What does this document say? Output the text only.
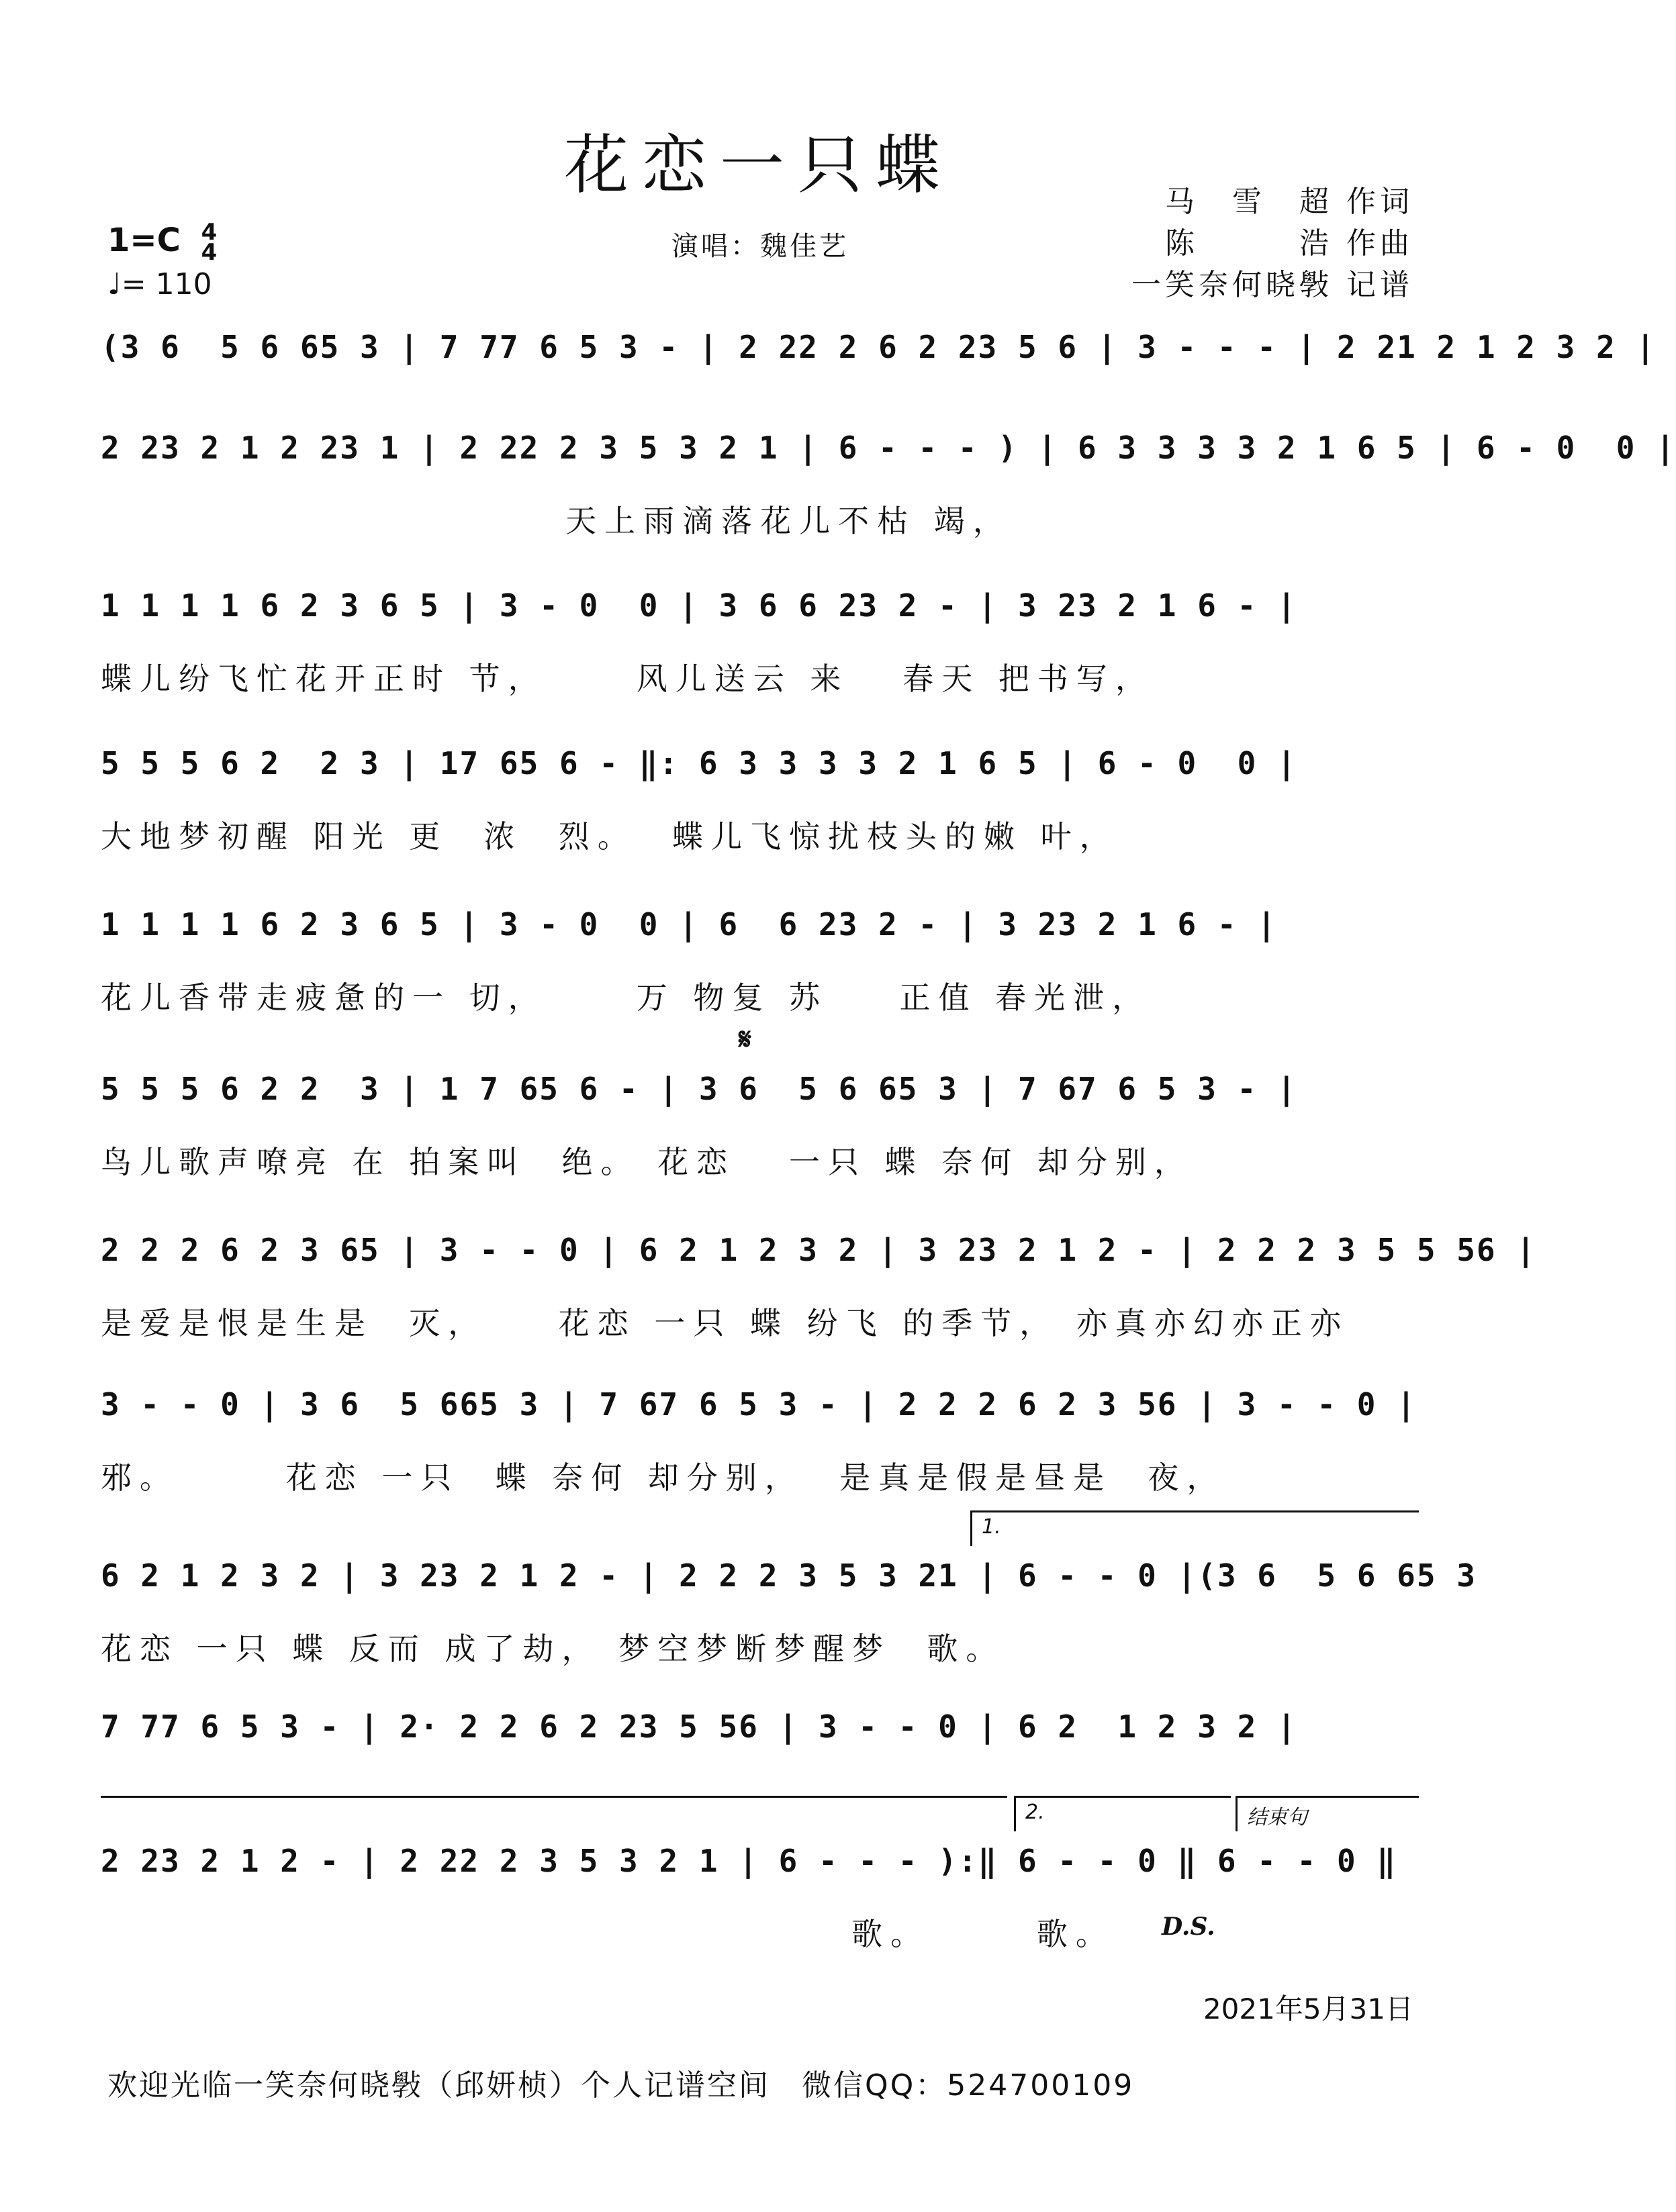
花恋一只蝶	马　雪　超 作词
陈　　　浩 作曲
一笑奈何晓斅 记谱
1=C 4
4
♩= 110
演唱：魏佳艺
(3 6  5 6 65 3 | 7 77 6 5 3 - | 2 22 2 6 2 23 5 6 | 3 - - - | 2 21 2 1 2 3 2 |
2 23 2 1 2 23 1 | 2 22 2 3 5 3 2 1 | 6 - - - ) | 6 3 3 3 3 2 1 6 5 | 6 - 0  0 |
天上雨滴落花儿不枯 竭，
1 1 1 1 6 2 3 6 5 | 3 - 0  0 | 3 6 6 23 2 - | 3 23 2 1 6 - |
蝶儿纷飞忙花开正时 节，     风儿送云 来   春天 把书写，
5 5 5 6 2  2 3 | 17 65 6 - ‖: 6 3 3 3 3 2 1 6 5 | 6 - 0  0 |
大地梦初醒 阳光 更  浓  烈。  蝶儿飞惊扰枝头的嫩 叶，
1 1 1 1 6 2 3 6 5 | 3 - 0  0 | 6  6 23 2 - | 3 23 2 1 6 - |
花儿香带走疲惫的一 切，     万 物复 苏    正值 春光泄，
𝄋
5 5 5 6 2 2  3 | 1 7 65 6 - | 3 6  5 6 65 3 | 7 67 6 5 3 - |
鸟儿歌声嘹亮 在 拍案叫  绝。 花恋   一只 蝶 奈何 却分别，
2 2 2 6 2 3 65 | 3 - - 0 | 6 2 1 2 3 2 | 3 23 2 1 2 - | 2 2 2 3 5 5 56 |
是爱是恨是生是  灭，    花恋 一只 蝶 纷飞 的季节， 亦真亦幻亦正亦
3 - - 0 | 3 6  5 665 3 | 7 67 6 5 3 - | 2 2 2 6 2 3 56 | 3 - - 0 |
邪。      花恋 一只  蝶 奈何 却分别，  是真是假是昼是  夜，
1.
6 2 1 2 3 2 | 3 23 2 1 2 - | 2 2 2 3 5 3 21 | 6 - - 0 |(3 6  5 6 65 3
花恋 一只 蝶 反而 成了劫， 梦空梦断梦醒梦  歌。
7 77 6 5 3 - | 2· 2 2 6 2 23 5 56 | 3 - - 0 | 6 2  1 2 3 2 |
2.	结束句
2 23 2 1 2 - | 2 22 2 3 5 3 2 1 | 6 - - - ):‖ 6 - - 0 ‖ 6 - - 0 ‖
歌。      歌。 D.S.
2021年5月31日
欢迎光临一笑奈何晓斅（邱妍桢）个人记谱空间　微信QQ：524700109
